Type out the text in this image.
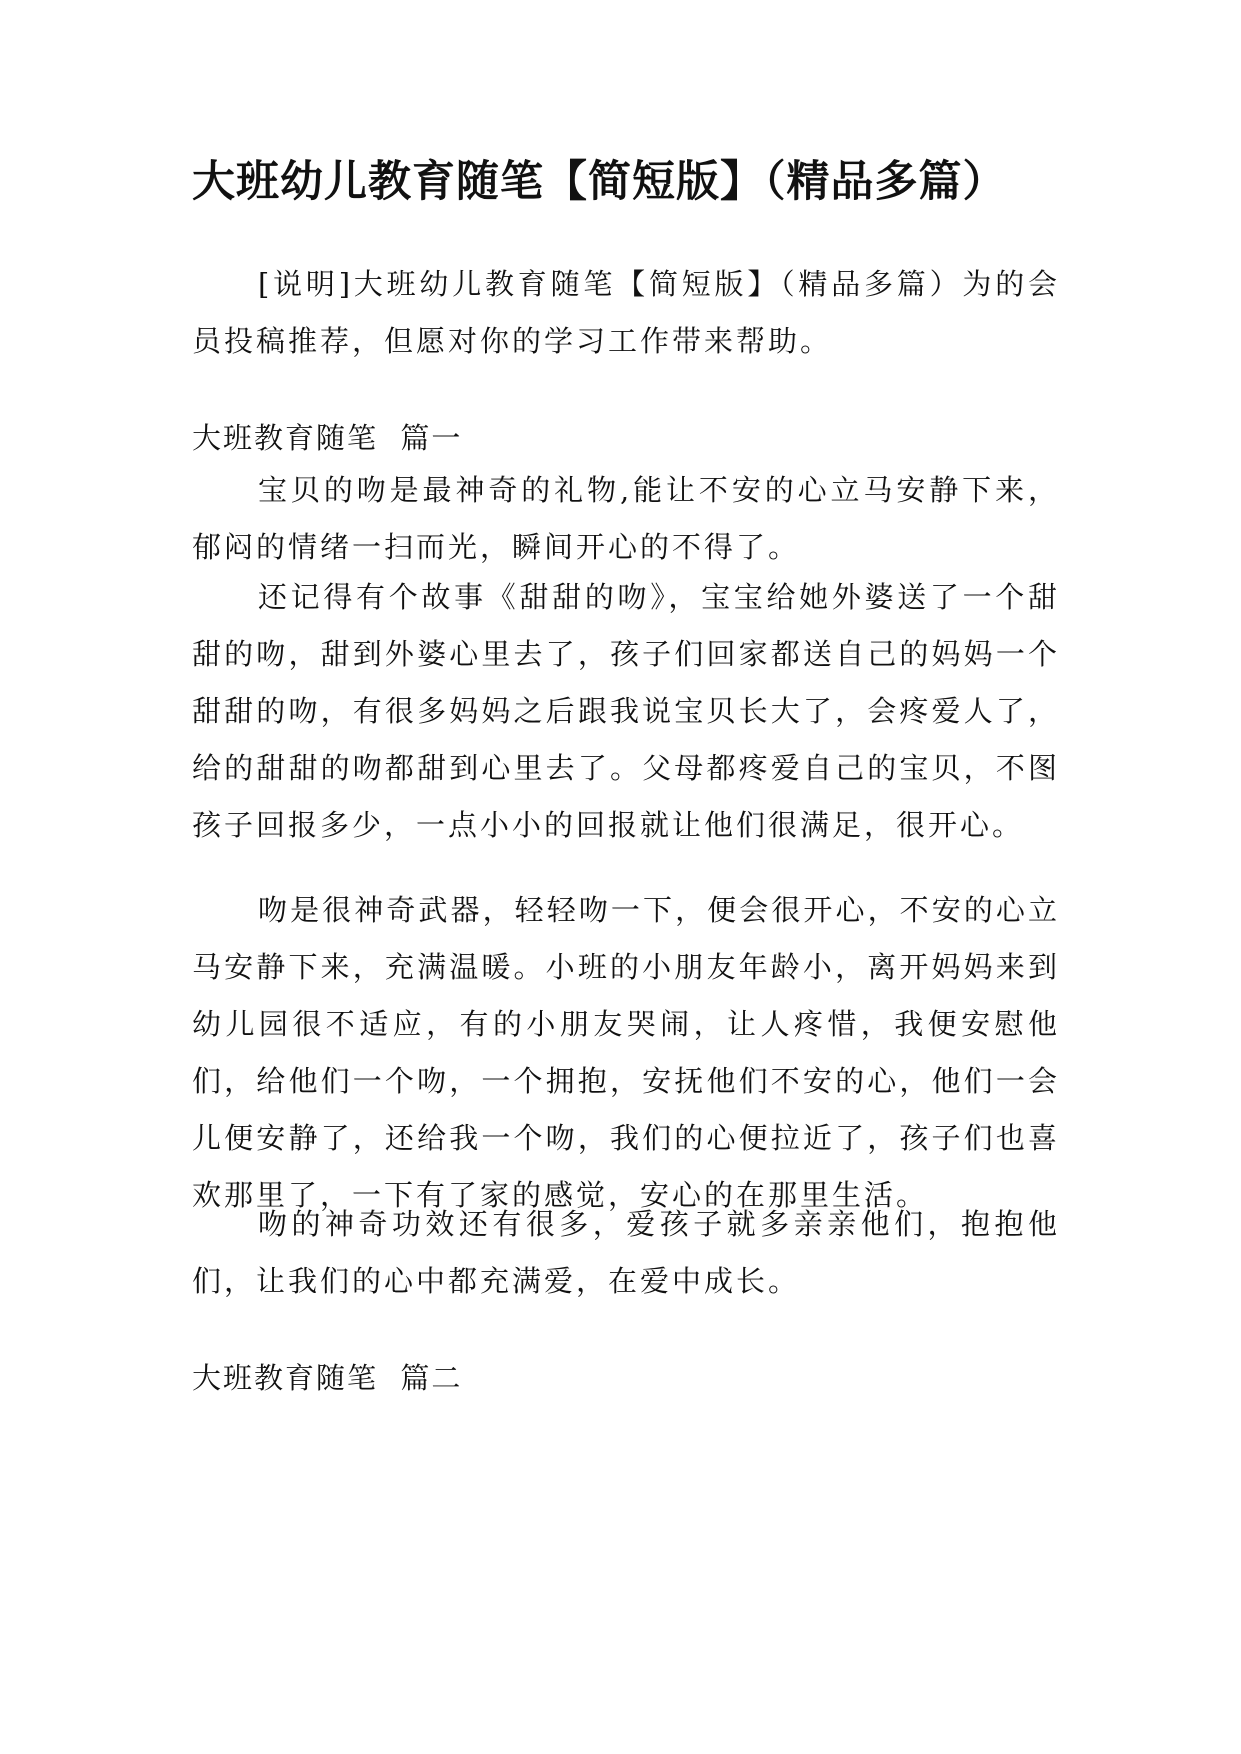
大班幼儿教育随笔【简短版】（精品多篇）

[说明]大班幼儿教育随笔【简短版】（精品多篇）为的会员投稿推荐，但愿对你的学习工作带来帮助。

大班教育随笔  篇一

宝贝的吻是最神奇的礼物,能让不安的心立马安静下来，郁闷的情绪一扫而光，瞬间开心的不得了。

还记得有个故事《甜甜的吻》，宝宝给她外婆送了一个甜甜的吻，甜到外婆心里去了，孩子们回家都送自己的妈妈一个甜甜的吻，有很多妈妈之后跟我说宝贝长大了，会疼爱人了，给的甜甜的吻都甜到心里去了。父母都疼爱自己的宝贝，不图孩子回报多少，一点小小的回报就让他们很满足，很开心。

吻是很神奇武器，轻轻吻一下，便会很开心，不安的心立马安静下来，充满温暖。小班的小朋友年龄小，离开妈妈来到幼儿园很不适应，有的小朋友哭闹，让人疼惜，我便安慰他们，给他们一个吻，一个拥抱，安抚他们不安的心，他们一会儿便安静了，还给我一个吻，我们的心便拉近了，孩子们也喜欢那里了，一下有了家的感觉，安心的在那里生活。

吻的神奇功效还有很多，爱孩子就多亲亲他们，抱抱他们，让我们的心中都充满爱，在爱中成长。

大班教育随笔  篇二
